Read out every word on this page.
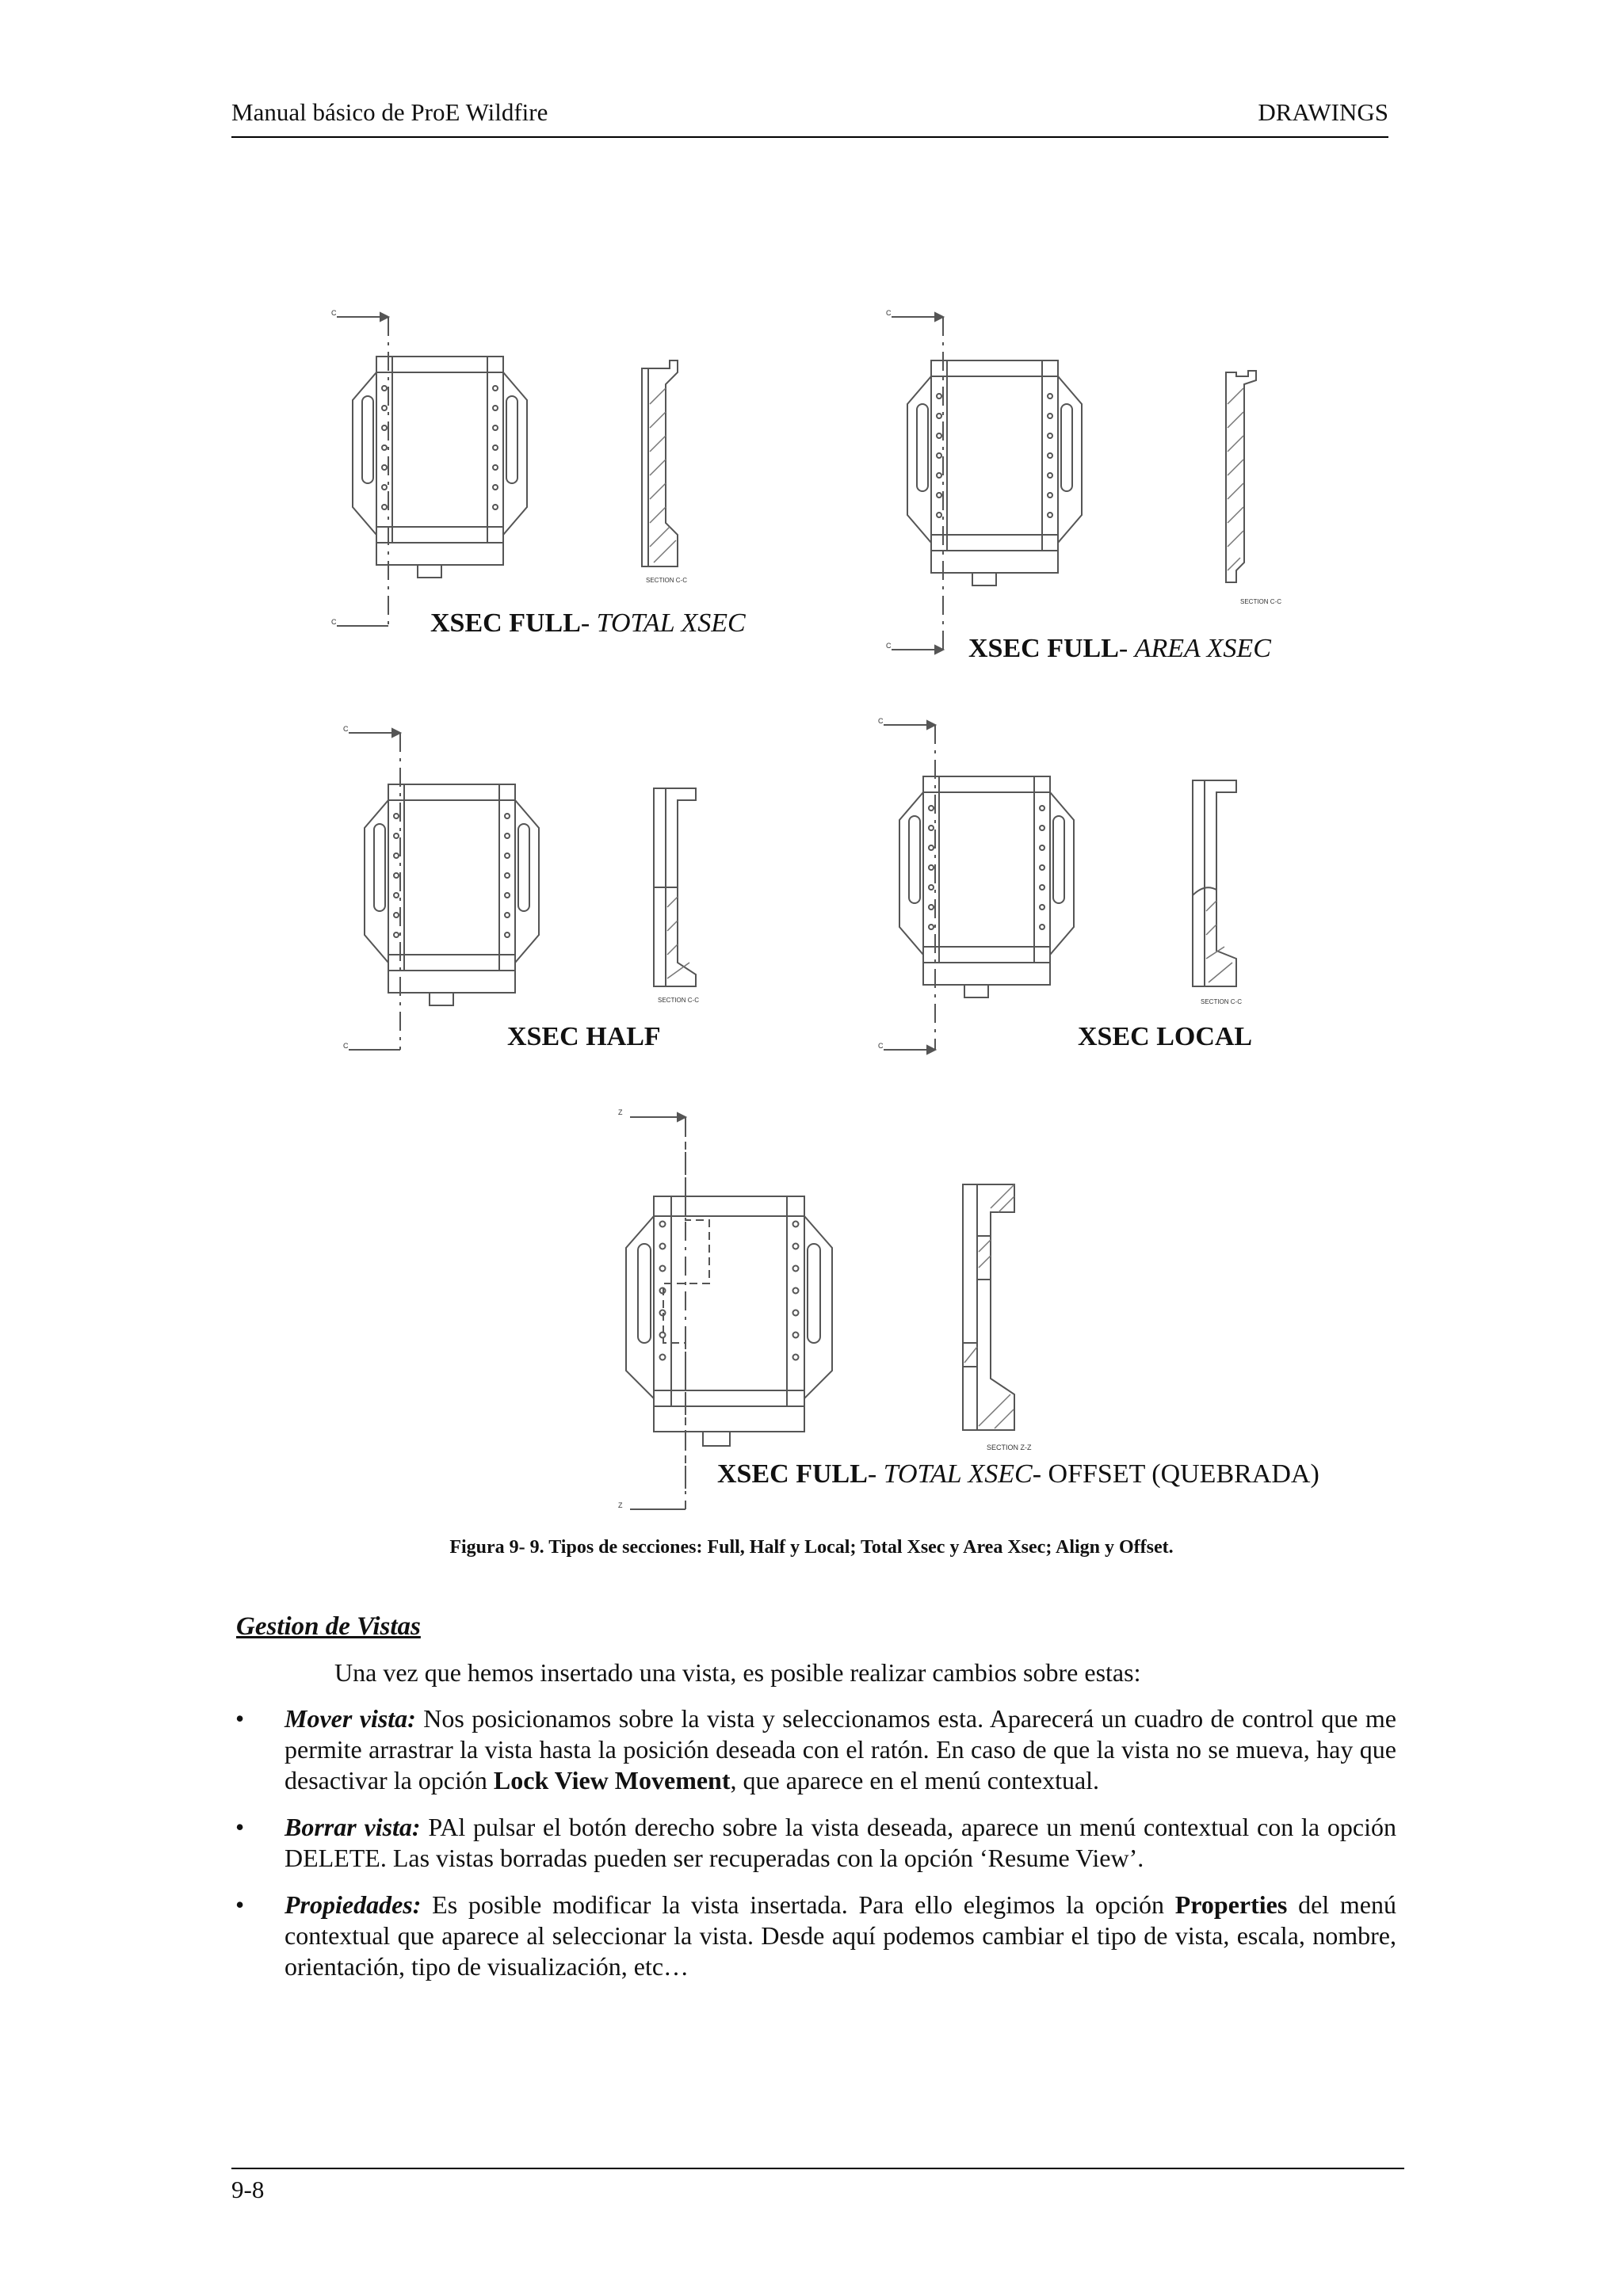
Manual básico de ProE Wildfire	DRAWINGS
SECTION C-C
C
C	XSEC FULL- TOTAL XSEC
SECTION C-C
C
C	XSEC FULL- AREA XSEC
SECTION C-C
C
C	XSEC HALF
SECTION C-C
C
C	XSEC LOCAL
SECTION Z-Z
Z
Z
XSEC FULL- TOTAL XSEC- OFFSET (QUEBRADA)
Figura 9- 9. Tipos de secciones: Full, Half y Local; Total Xsec y Area Xsec; Align y Offset.
Gestion de Vistas
Una vez que hemos insertado una vista, es posible realizar cambios sobre estas:
• Mover vista: Nos posicionamos sobre la vista y seleccionamos esta. Aparecerá un cuadro de control que me permite arrastrar la vista hasta la posición deseada con el ratón. En caso de que la vista no se mueva, hay que desactivar la opción Lock View Movement, que aparece en el menú contextual.
• Borrar vista: PAl pulsar el botón derecho sobre la vista deseada, aparece un menú contextual con la opción DELETE. Las vistas borradas pueden ser recuperadas con la opción ‘Resume View’.
• Propiedades: Es posible modificar la vista insertada. Para ello elegimos la opción Properties del menú contextual que aparece al seleccionar la vista. Desde aquí podemos cambiar el tipo de vista, escala, nombre, orientación, tipo de visualización, etc…
9-8
